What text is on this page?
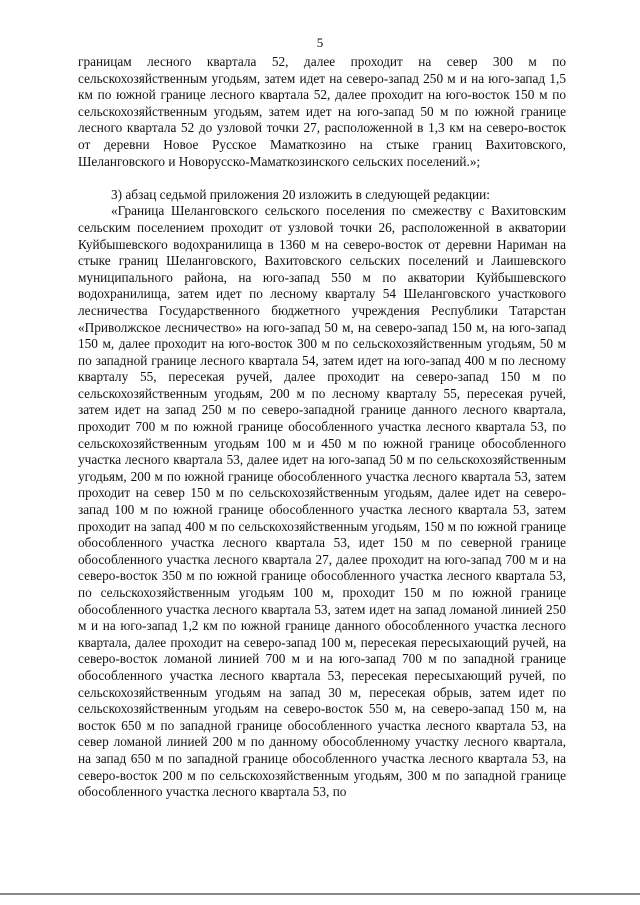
5

границам лесного квартала 52, далее проходит на север 300 м по сельскохозяйственным угодьям, затем идет на северо-запад 250 м и на юго-запад 1,5 км по южной границе лесного квартала 52, далее проходит на юго-восток 150 м по сельскохозяйственным угодьям, затем идет на юго-запад 50 м по южной границе лесного квартала 52 до узловой точки 27, расположенной в 1,3 км на северо-восток от деревни Новое Русское Маматкозино на стыке границ Вахитовского, Шеланговского и Новорусско-Маматкозинского сельских поселений.»;

3) абзац седьмой приложения 20 изложить в следующей редакции:

«Граница Шеланговского сельского поселения по смежеству с Вахитовским сельским поселением проходит от узловой точки 26, расположенной в акватории Куйбышевского водохранилища в 1360 м на северо-восток от деревни Нариман на стыке границ Шеланговского, Вахитовского сельских поселений и Лаишевского муниципального района, на юго-запад 550 м по акватории Куйбышевского водохранилища, затем идет по лесному кварталу 54 Шеланговского участкового лесничества Государственного бюджетного учреждения Республики Татарстан «Приволжское лесничество» на юго-запад 50 м, на северо-запад 150 м, на юго-запад 150 м, далее проходит на юго-восток 300 м по сельскохозяйственным угодьям, 50 м по западной границе лесного квартала 54, затем идет на юго-запад 400 м по лесному кварталу 55, пересекая ручей, далее проходит на северо-запад 150 м по сельскохозяйственным угодьям, 200 м по лесному кварталу 55, пересекая ручей, затем идет на запад 250 м по северо-западной границе данного лесного квартала, проходит 700 м по южной границе обособленного участка лесного квартала 53, по сельскохозяйственным угодьям 100 м и 450 м по южной границе обособленного участка лесного квартала 53, далее идет на юго-запад 50 м по сельскохозяйственным угодьям, 200 м по южной границе обособленного участка лесного квартала 53, затем проходит на север 150 м по сельскохозяйственным угодьям, далее идет на северо-запад 100 м по южной границе обособленного участка лесного квартала 53, затем проходит на запад 400 м по сельскохозяйственным угодьям, 150 м по южной границе обособленного участка лесного квартала 53, идет 150 м по северной границе обособленного участка лесного квартала 27, далее проходит на юго-запад 700 м и на северо-восток 350 м по южной границе обособленного участка лесного квартала 53, по сельскохозяйственным угодьям 100 м, проходит 150 м по южной границе обособленного участка лесного квартала 53, затем идет на запад ломаной линией 250 м и на юго-запад 1,2 км по южной границе данного обособленного участка лесного квартала, далее проходит на северо-запад 100 м, пересекая пересыхающий ручей, на северо-восток ломаной линией 700 м и на юго-запад 700 м по западной границе обособленного участка лесного квартала 53, пересекая пересыхающий ручей, по сельскохозяйственным угодьям на запад 30 м, пересекая обрыв, затем идет по сельскохозяйственным угодьям на северо-восток 550 м, на северо-запад 150 м, на восток 650 м по западной границе обособленного участка лесного квартала 53, на север ломаной линией 200 м по данному обособленному участку лесного квартала, на запад 650 м по западной границе обособленного участка лесного квартала 53, на северо-восток 200 м по сельскохозяйственным угодьям, 300 м по западной границе обособленного участка лесного квартала 53, по
